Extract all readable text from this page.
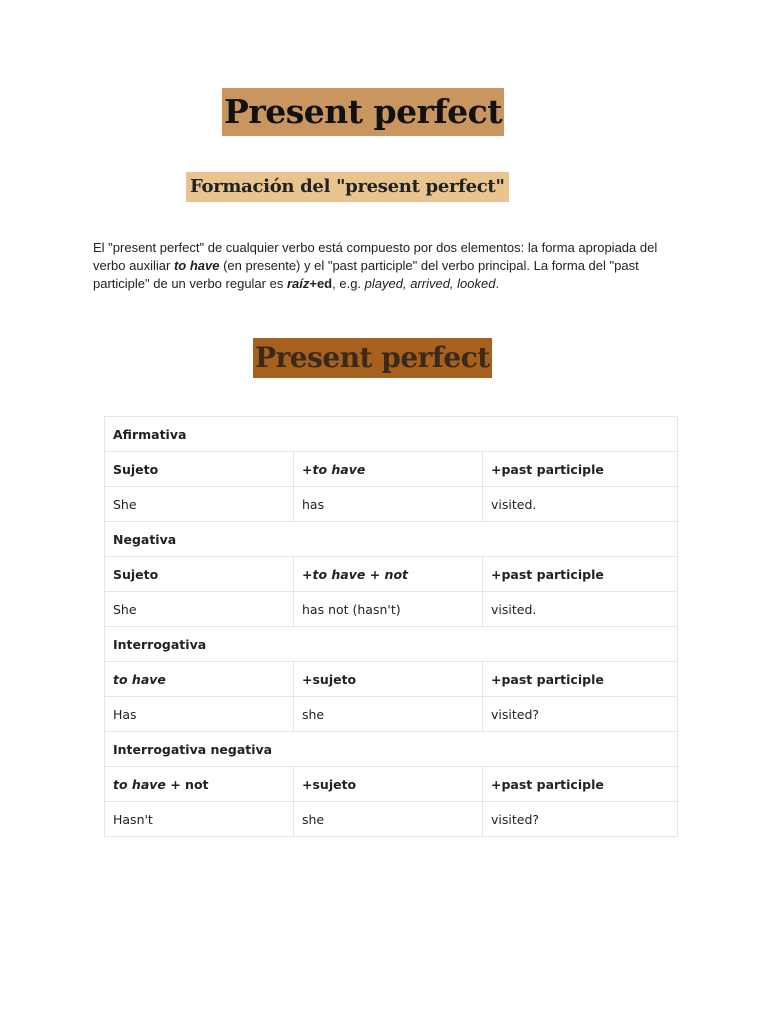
Present perfect
Formación del "present perfect"

El "present perfect" de cualquier verbo está compuesto por dos elementos: la forma apropiada del verbo auxiliar to have (en presente) y el "past participle" del verbo principal. La forma del "past participle" de un verbo regular es raíz+ed, e.g. played, arrived, looked.

Present perfect
Afirmativa		
Sujeto	+to have	+past participle
She	has	visited.
Negativa		
Sujeto	+to have + not	+past participle
She	has not (hasn't)	visited.
Interrogativa		
to have	+sujeto	+past participle
Has	she	visited?
Interrogativa negativa		
to have + not	+sujeto	+past participle
Hasn't	she	visited?
